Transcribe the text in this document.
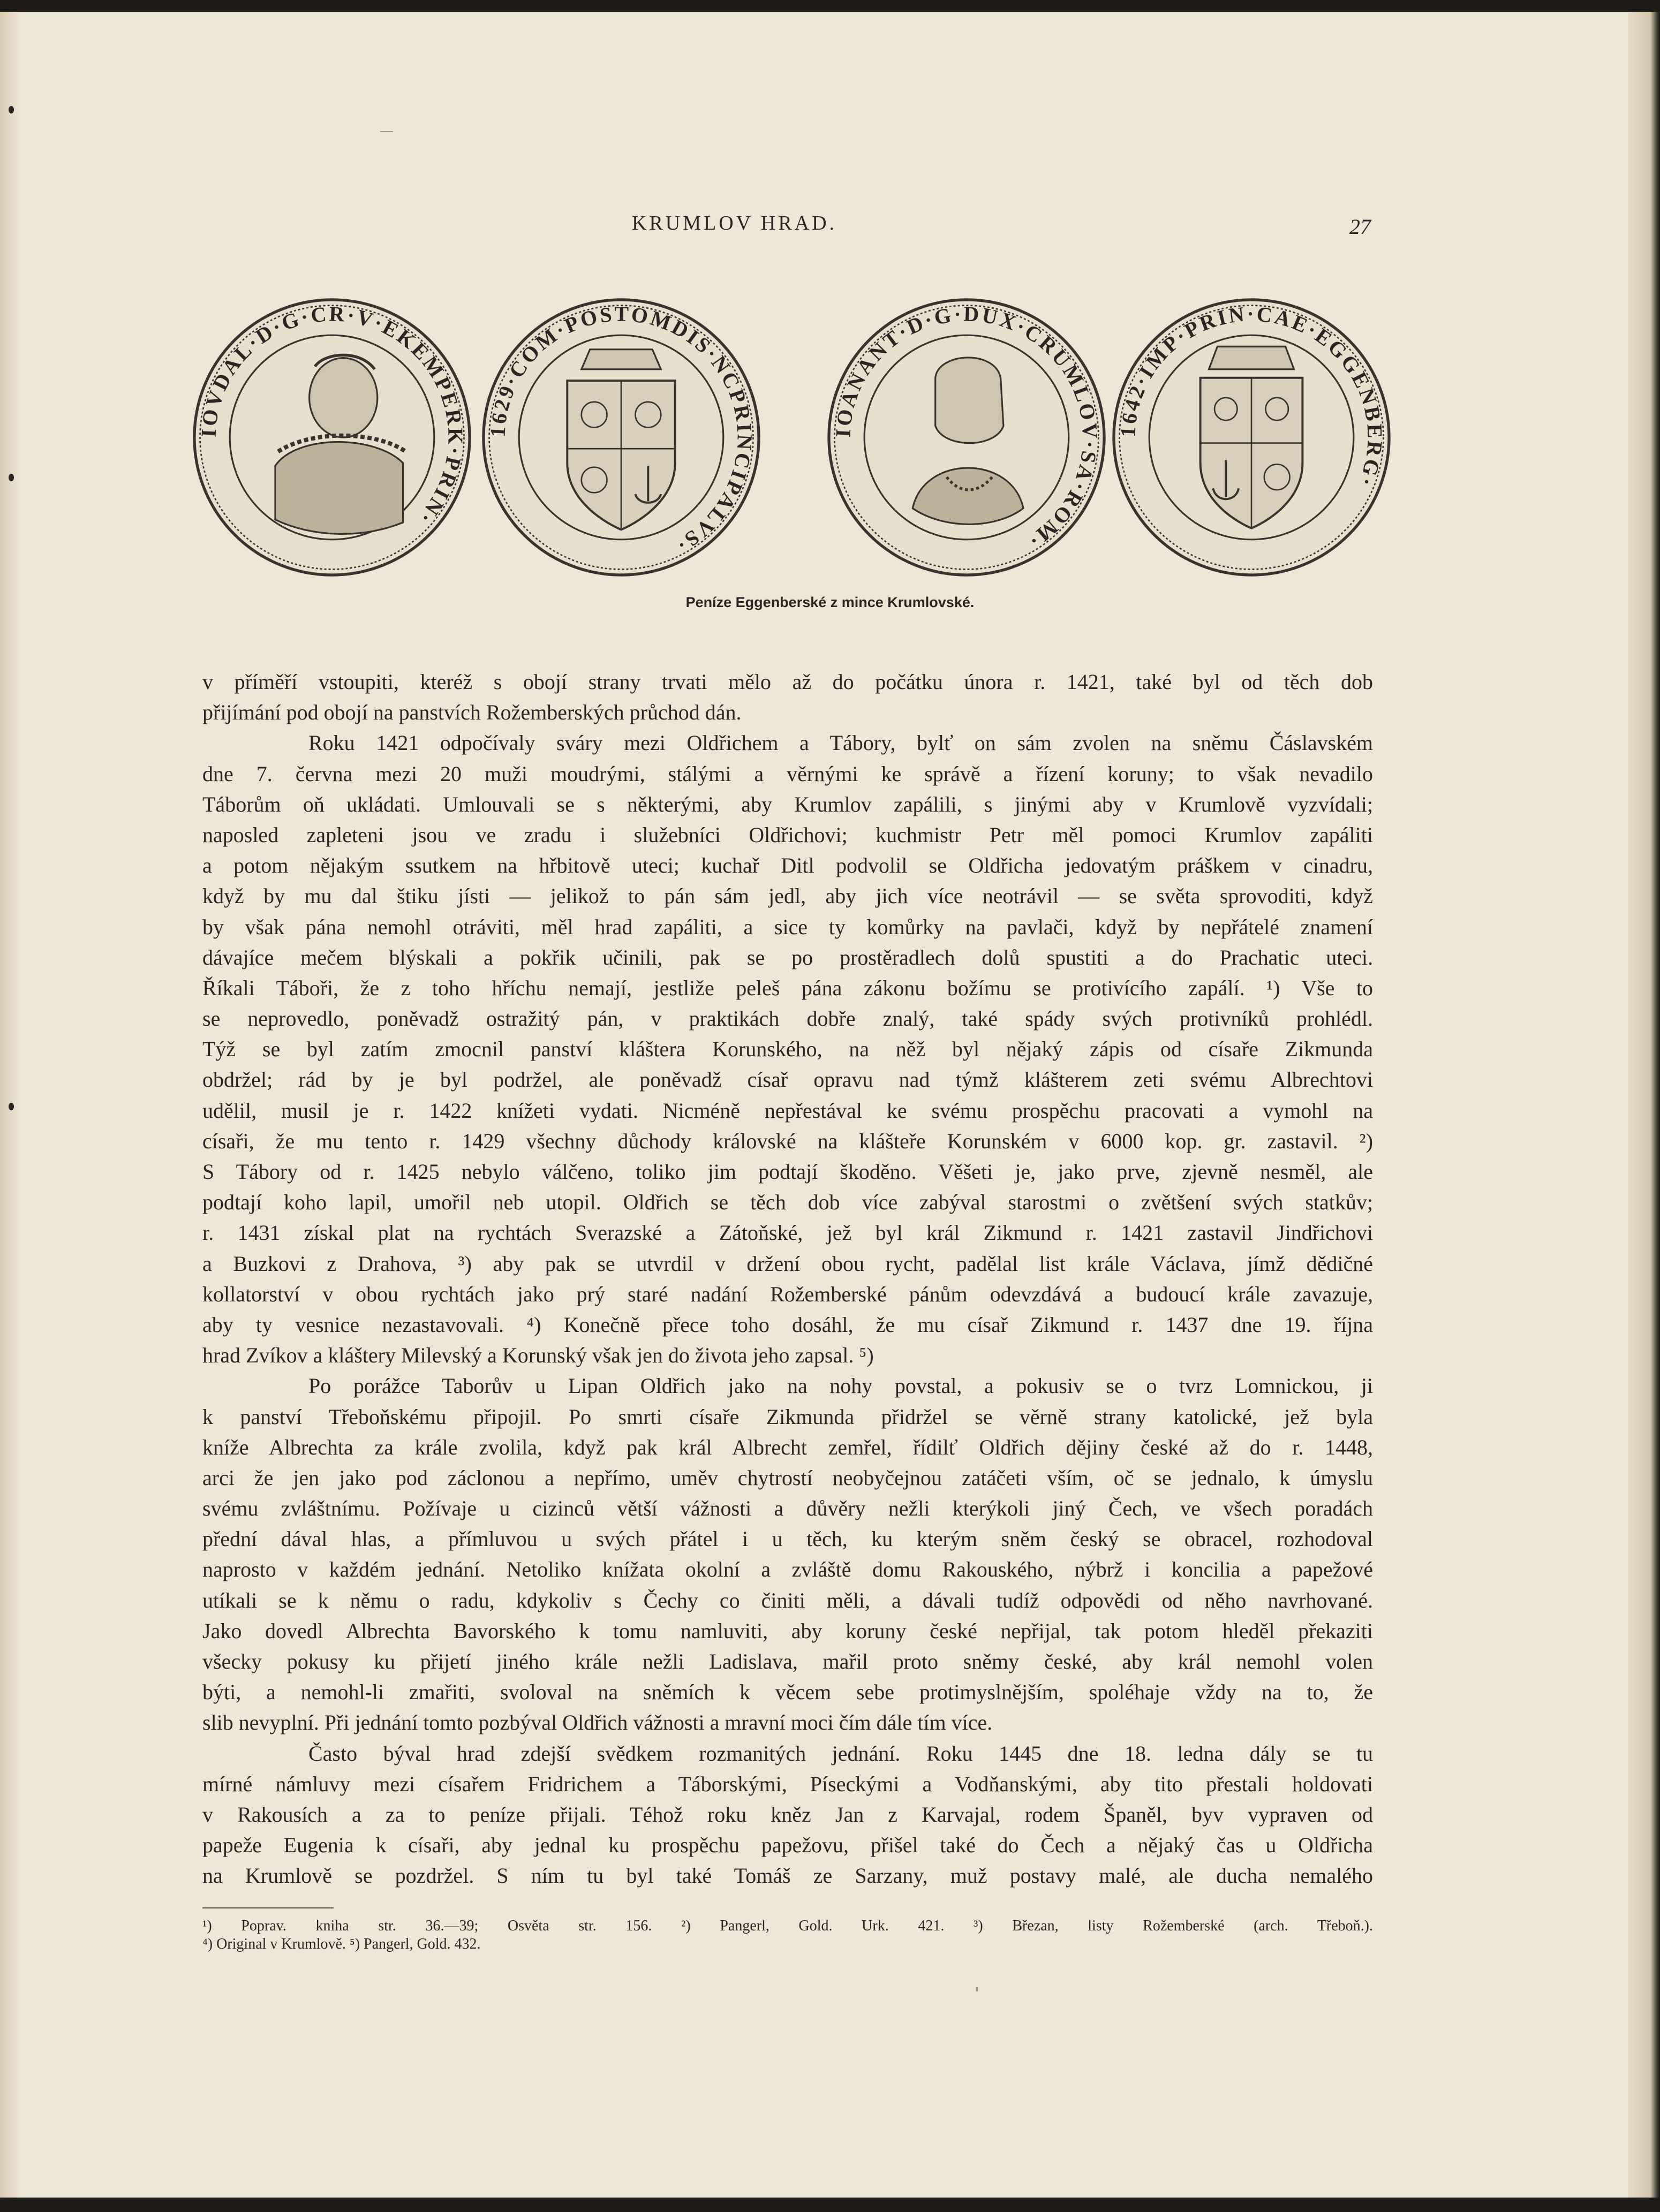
KRUMLOV HRAD.	27
IOVDAL·D·G·CR·V·EKEMPERK·PRIN·
1629·COM·POSTOMDIS·NCPRINCIPALVS·
IOANANT·D·G·DUX·CRUMLOV·SA·ROM·
1642·IMP·PRIN·CAE·EGGENBERG·
Peníze Eggenberské z mince Krumlovské.
v příměří vstoupiti, kteréž s obojí strany trvati mělo až do počátku února r. 1421, také byl od těch dob
přijímání pod obojí na panstvích Rožemberských průchod dán.
Roku 1421 odpočívaly sváry mezi Oldřichem a Tábory, bylť on sám zvolen na sněmu Čáslavském
dne 7. června mezi 20 muži moudrými, stálými a věrnými ke správě a řízení koruny; to však nevadilo
Táborům oň ukládati. Umlouvali se s některými, aby Krumlov zapálili, s jinými aby v Krumlově vyzvídali;
naposled zapleteni jsou ve zradu i služebníci Oldřichovi; kuchmistr Petr měl pomoci Krumlov zapáliti
a potom nějakým ssutkem na hřbitově uteci; kuchař Ditl podvolil se Oldřicha jedovatým práškem v cinadru,
když by mu dal štiku jísti — jelikož to pán sám jedl, aby jich více neotrávil — se světa sprovoditi, když
by však pána nemohl otráviti, měl hrad zapáliti, a sice ty komůrky na pavlači, když by nepřátelé znamení
dávajíce mečem blýskali a pokřik učinili, pak se po prostěradlech dolů spustiti a do Prachatic uteci.
Říkali Táboři, že z toho hříchu nemají, jestliže peleš pána zákonu božímu se protivícího zapálí. ¹) Vše to
se neprovedlo, poněvadž ostražitý pán, v praktikách dobře znalý, také spády svých protivníků prohlédl.
Týž se byl zatím zmocnil panství kláštera Korunského, na něž byl nějaký zápis od císaře Zikmunda
obdržel; rád by je byl podržel, ale poněvadž císař opravu nad týmž klášterem zeti svému Albrechtovi
udělil, musil je r. 1422 knížeti vydati. Nicméně nepřestával ke svému prospěchu pracovati a vymohl na
císaři, že mu tento r. 1429 všechny důchody královské na klášteře Korunském v 6000 kop. gr. zastavil. ²)
S Tábory od r. 1425 nebylo válčeno, toliko jim podtají škoděno. Věšeti je, jako prve, zjevně nesměl, ale
podtají koho lapil, umořil neb utopil. Oldřich se těch dob více zabýval starostmi o zvětšení svých statkův;
r. 1431 získal plat na rychtách Sverazské a Zátoňské, jež byl král Zikmund r. 1421 zastavil Jindřichovi
a Buzkovi z Drahova, ³) aby pak se utvrdil v držení obou rycht, padělal list krále Václava, jímž dědičné
kollatorství v obou rychtách jako prý staré nadání Rožemberské pánům odevzdává a budoucí krále zavazuje,
aby ty vesnice nezastavovali. ⁴) Konečně přece toho dosáhl, že mu císař Zikmund r. 1437 dne 19. října
hrad Zvíkov a kláštery Milevský a Korunský však jen do života jeho zapsal. ⁵)
Po porážce Taborův u Lipan Oldřich jako na nohy povstal, a pokusiv se o tvrz Lomnickou, ji
k panství Třeboňskému připojil. Po smrti císaře Zikmunda přidržel se věrně strany katolické, jež byla
kníže Albrechta za krále zvolila, když pak král Albrecht zemřel, řídilť Oldřich dějiny české až do r. 1448,
arci že jen jako pod záclonou a nepřímo, uměv chytrostí neobyčejnou zatáčeti vším, oč se jednalo, k úmyslu
svému zvláštnímu. Požívaje u cizinců větší vážnosti a důvěry nežli kterýkoli jiný Čech, ve všech poradách
přední dával hlas, a přímluvou u svých přátel i u těch, ku kterým sněm český se obracel, rozhodoval
naprosto v každém jednání. Netoliko knížata okolní a zvláště domu Rakouského, nýbrž i koncilia a papežové
utíkali se k němu o radu, kdykoliv s Čechy co činiti měli, a dávali tudíž odpovědi od něho navrhované.
Jako dovedl Albrechta Bavorského k tomu namluviti, aby koruny české nepřijal, tak potom hleděl překaziti
všecky pokusy ku přijetí jiného krále nežli Ladislava, mařil proto sněmy české, aby král nemohl volen
býti, a nemohl-li zmařiti, svoloval na sněmích k věcem sebe protimyslnějším, spoléhaje vždy na to, že
slib nevyplní. Při jednání tomto pozbýval Oldřich vážnosti a mravní moci čím dále tím více.
Často býval hrad zdejší svědkem rozmanitých jednání. Roku 1445 dne 18. ledna dály se tu
mírné námluvy mezi císařem Fridrichem a Táborskými, Píseckými a Vodňanskými, aby tito přestali holdovati
v Rakousích a za to peníze přijali. Téhož roku kněz Jan z Karvajal, rodem Španěl, byv vypraven od
papeže Eugenia k císaři, aby jednal ku prospěchu papežovu, přišel také do Čech a nějaký čas u Oldřicha
na Krumlově se pozdržel. S ním tu byl také Tomáš ze Sarzany, muž postavy malé, ale ducha nemalého
¹) Poprav. kniha str. 36.—39; Osvěta str. 156. ²) Pangerl, Gold. Urk. 421. ³) Březan, listy Rožemberské (arch. Třeboň.).
⁴) Original v Krumlově. ⁵) Pangerl, Gold. 432.
